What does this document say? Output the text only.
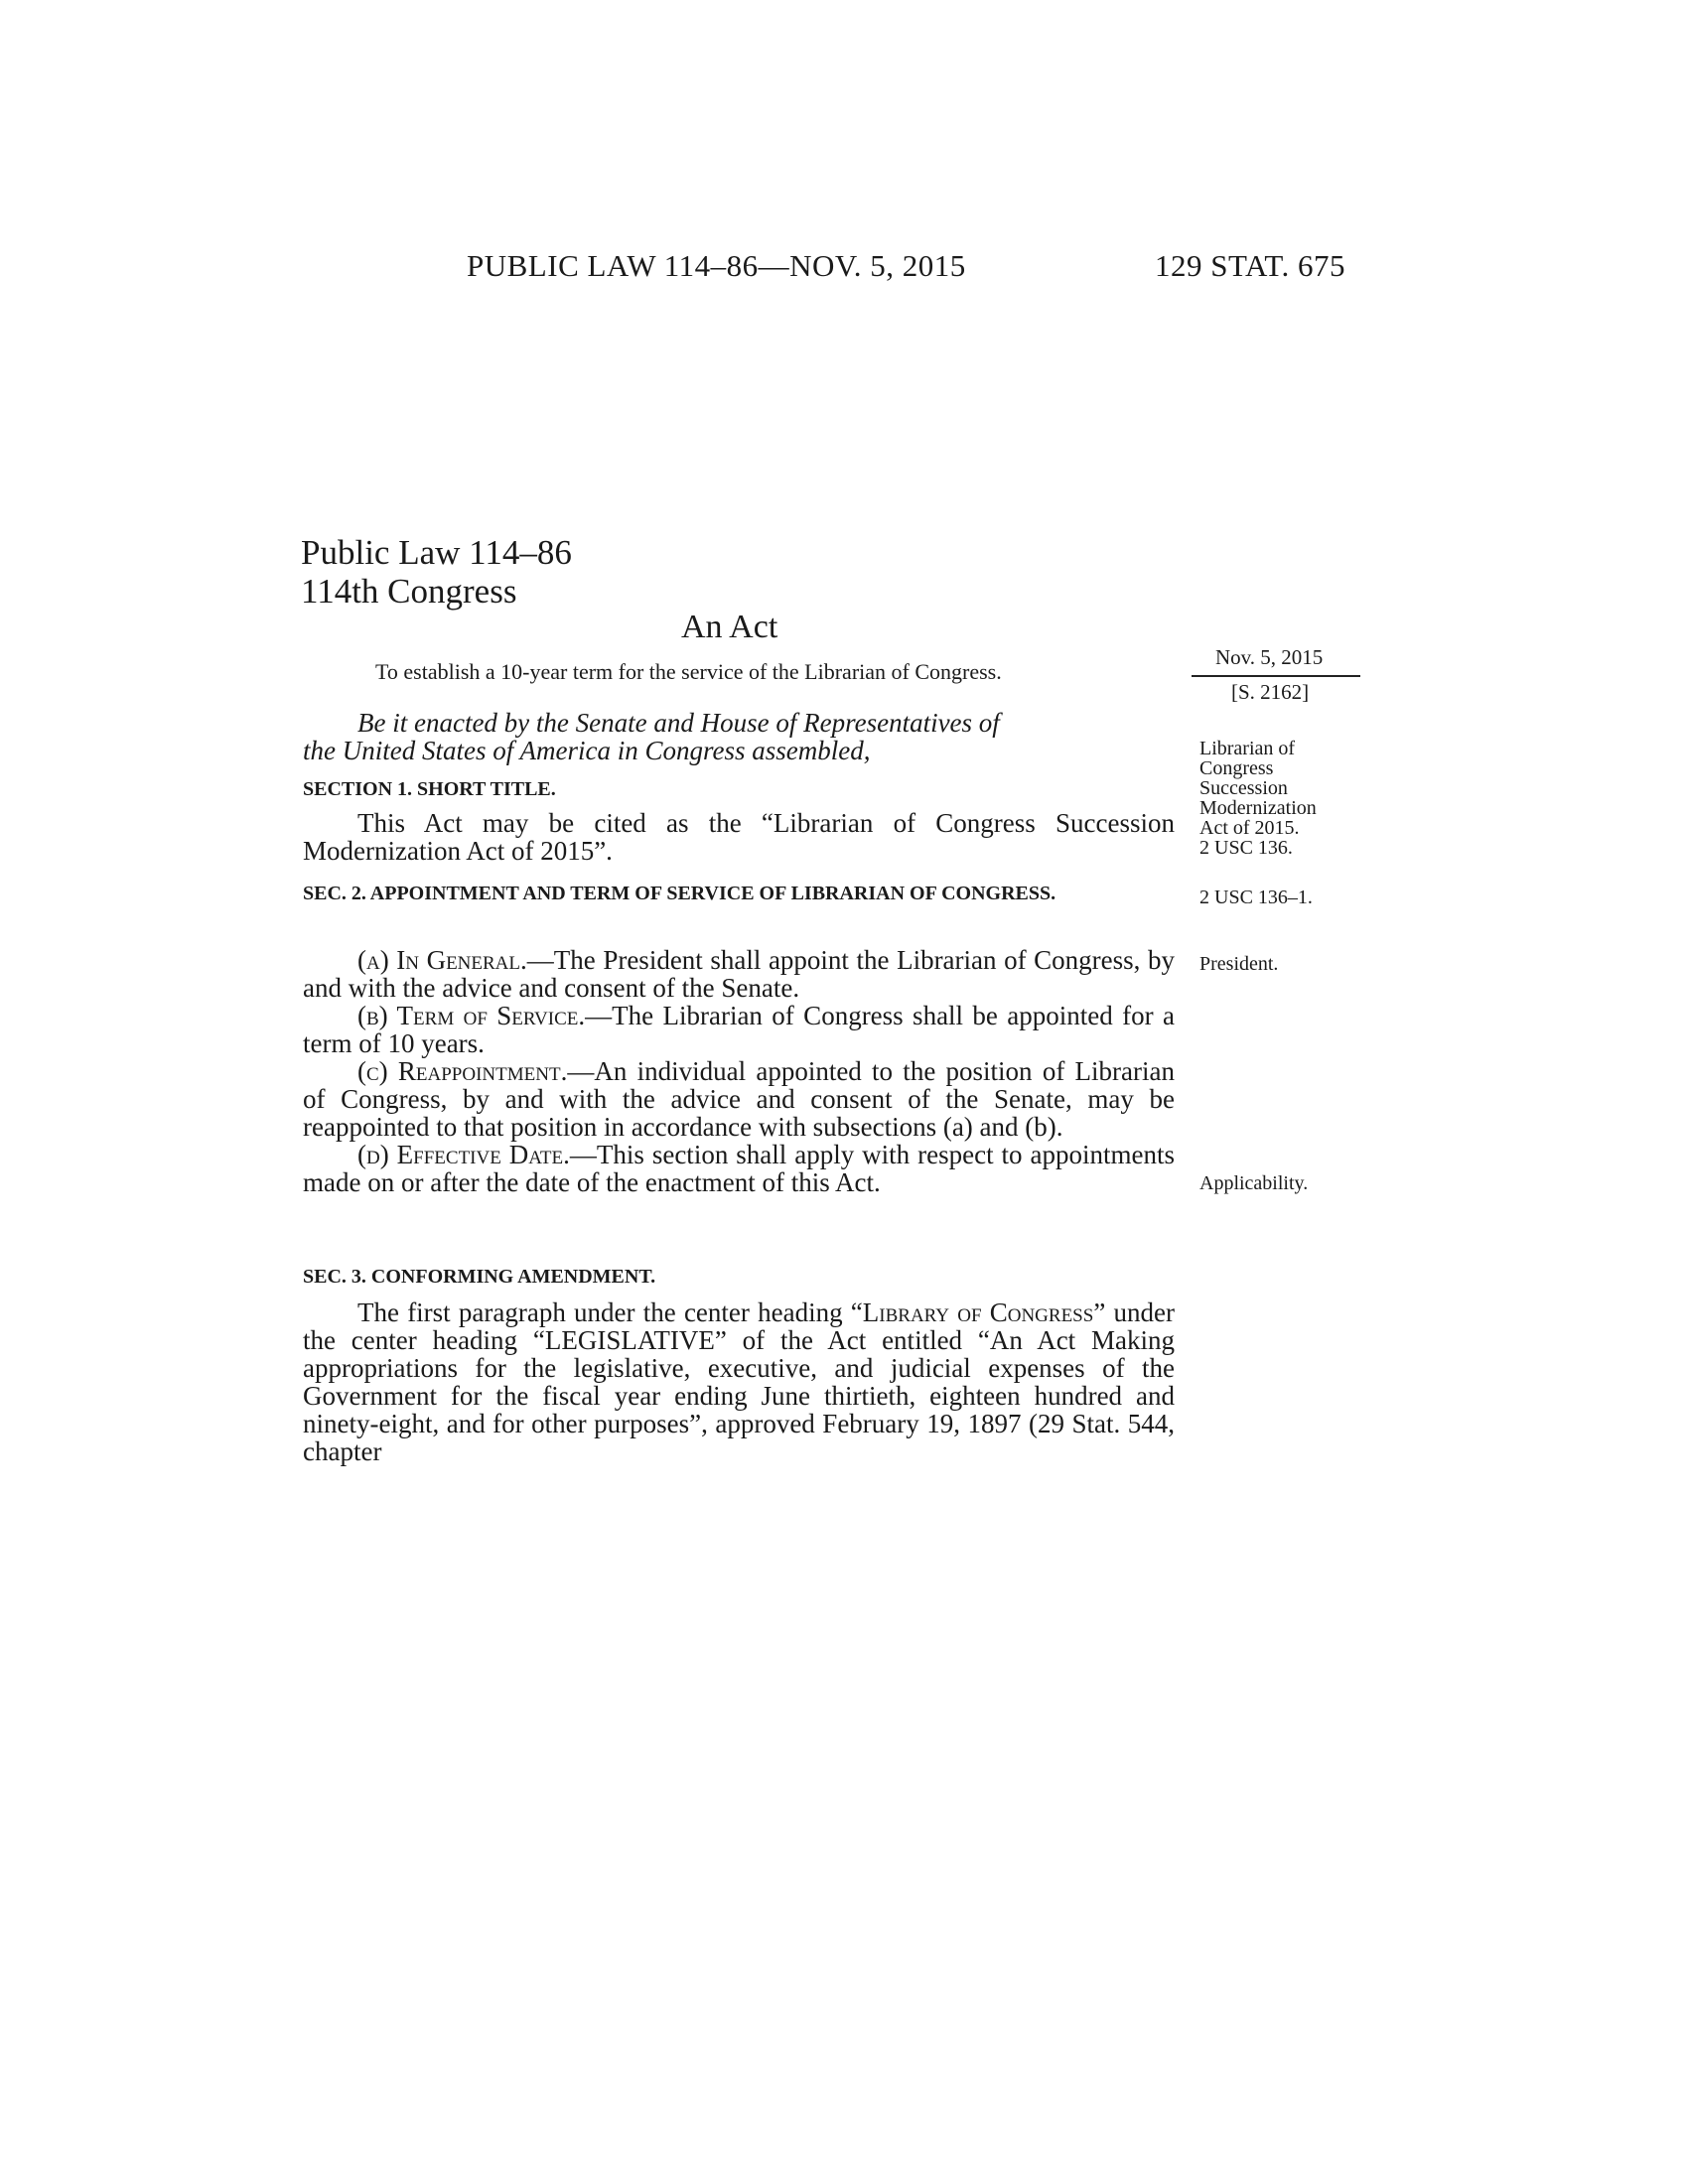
PUBLIC LAW 114–86—NOV. 5, 2015	129 STAT. 675
Public Law 114–86
114th Congress
An Act
To establish a 10-year term for the service of the Librarian of Congress.
Nov. 5, 2015
[S. 2162]
Librarian of
Congress
Succession
Modernization
Act of 2015.
2 USC 136.
2 USC 136–1.
President.
Applicability.

Be it enacted by the Senate and House of Representatives of

the United States of America in Congress assembled,

SECTION 1. SHORT TITLE.

This Act may be cited as the “Librarian of Congress Succession Modernization Act of 2015”.

SEC. 2. APPOINTMENT AND TERM OF SERVICE OF LIBRARIAN OF CONGRESS.

(a) In General.—The President shall appoint the Librarian of Congress, by and with the advice and consent of the Senate.

(b) Term of Service.—The Librarian of Congress shall be appointed for a term of 10 years.

(c) Reappointment.—An individual appointed to the position of Librarian of Congress, by and with the advice and consent of the Senate, may be reappointed to that position in accordance with subsections (a) and (b).

(d) Effective Date.—This section shall apply with respect to appointments made on or after the date of the enactment of this Act.

SEC. 3. CONFORMING AMENDMENT.

The first paragraph under the center heading “Library of Congress” under the center heading “LEGISLATIVE” of the Act entitled “An Act Making appropriations for the legislative, executive, and judicial expenses of the Government for the fiscal year ending June thirtieth, eighteen hundred and ninety-eight, and for other purposes”, approved February 19, 1897 (29 Stat. 544, chapter
